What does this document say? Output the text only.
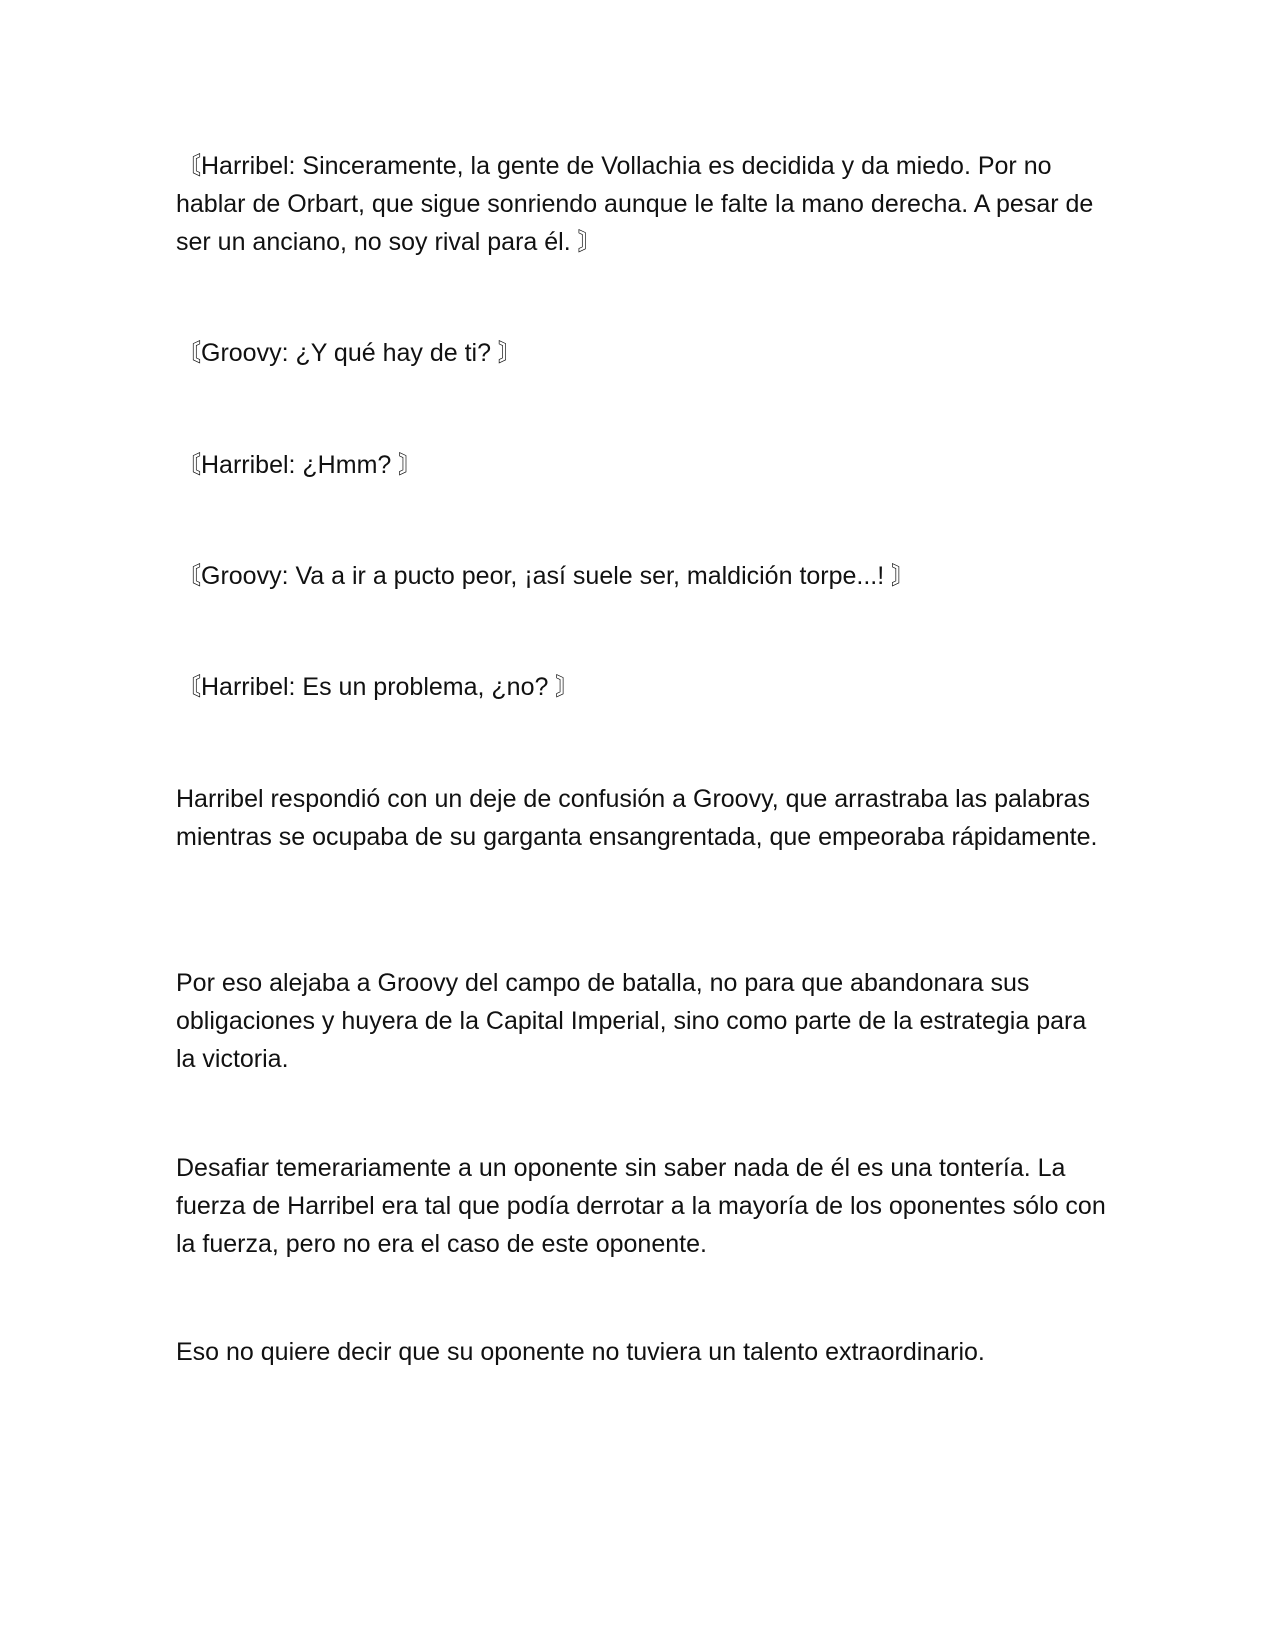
〘Harribel: Sinceramente, la gente de Vollachia es decidida y da miedo. Por no hablar de Orbart, que sigue sonriendo aunque le falte la mano derecha. A pesar de ser un anciano, no soy rival para él. 〙

〘Groovy: ¿Y qué hay de ti? 〙

〘Harribel: ¿Hmm? 〙

〘Groovy: Va a ir a pucto peor, ¡así suele ser, maldición torpe...! 〙

〘Harribel: Es un problema, ¿no? 〙

Harribel respondió con un deje de confusión a Groovy, que arrastraba las palabras mientras se ocupaba de su garganta ensangrentada, que empeoraba rápidamente.

Por eso alejaba a Groovy del campo de batalla, no para que abandonara sus obligaciones y huyera de la Capital Imperial, sino como parte de la estrategia para la victoria.

Desafiar temerariamente a un oponente sin saber nada de él es una tontería. La fuerza de Harribel era tal que podía derrotar a la mayoría de los oponentes sólo con la fuerza, pero no era el caso de este oponente.

Eso no quiere decir que su oponente no tuviera un talento extraordinario.
